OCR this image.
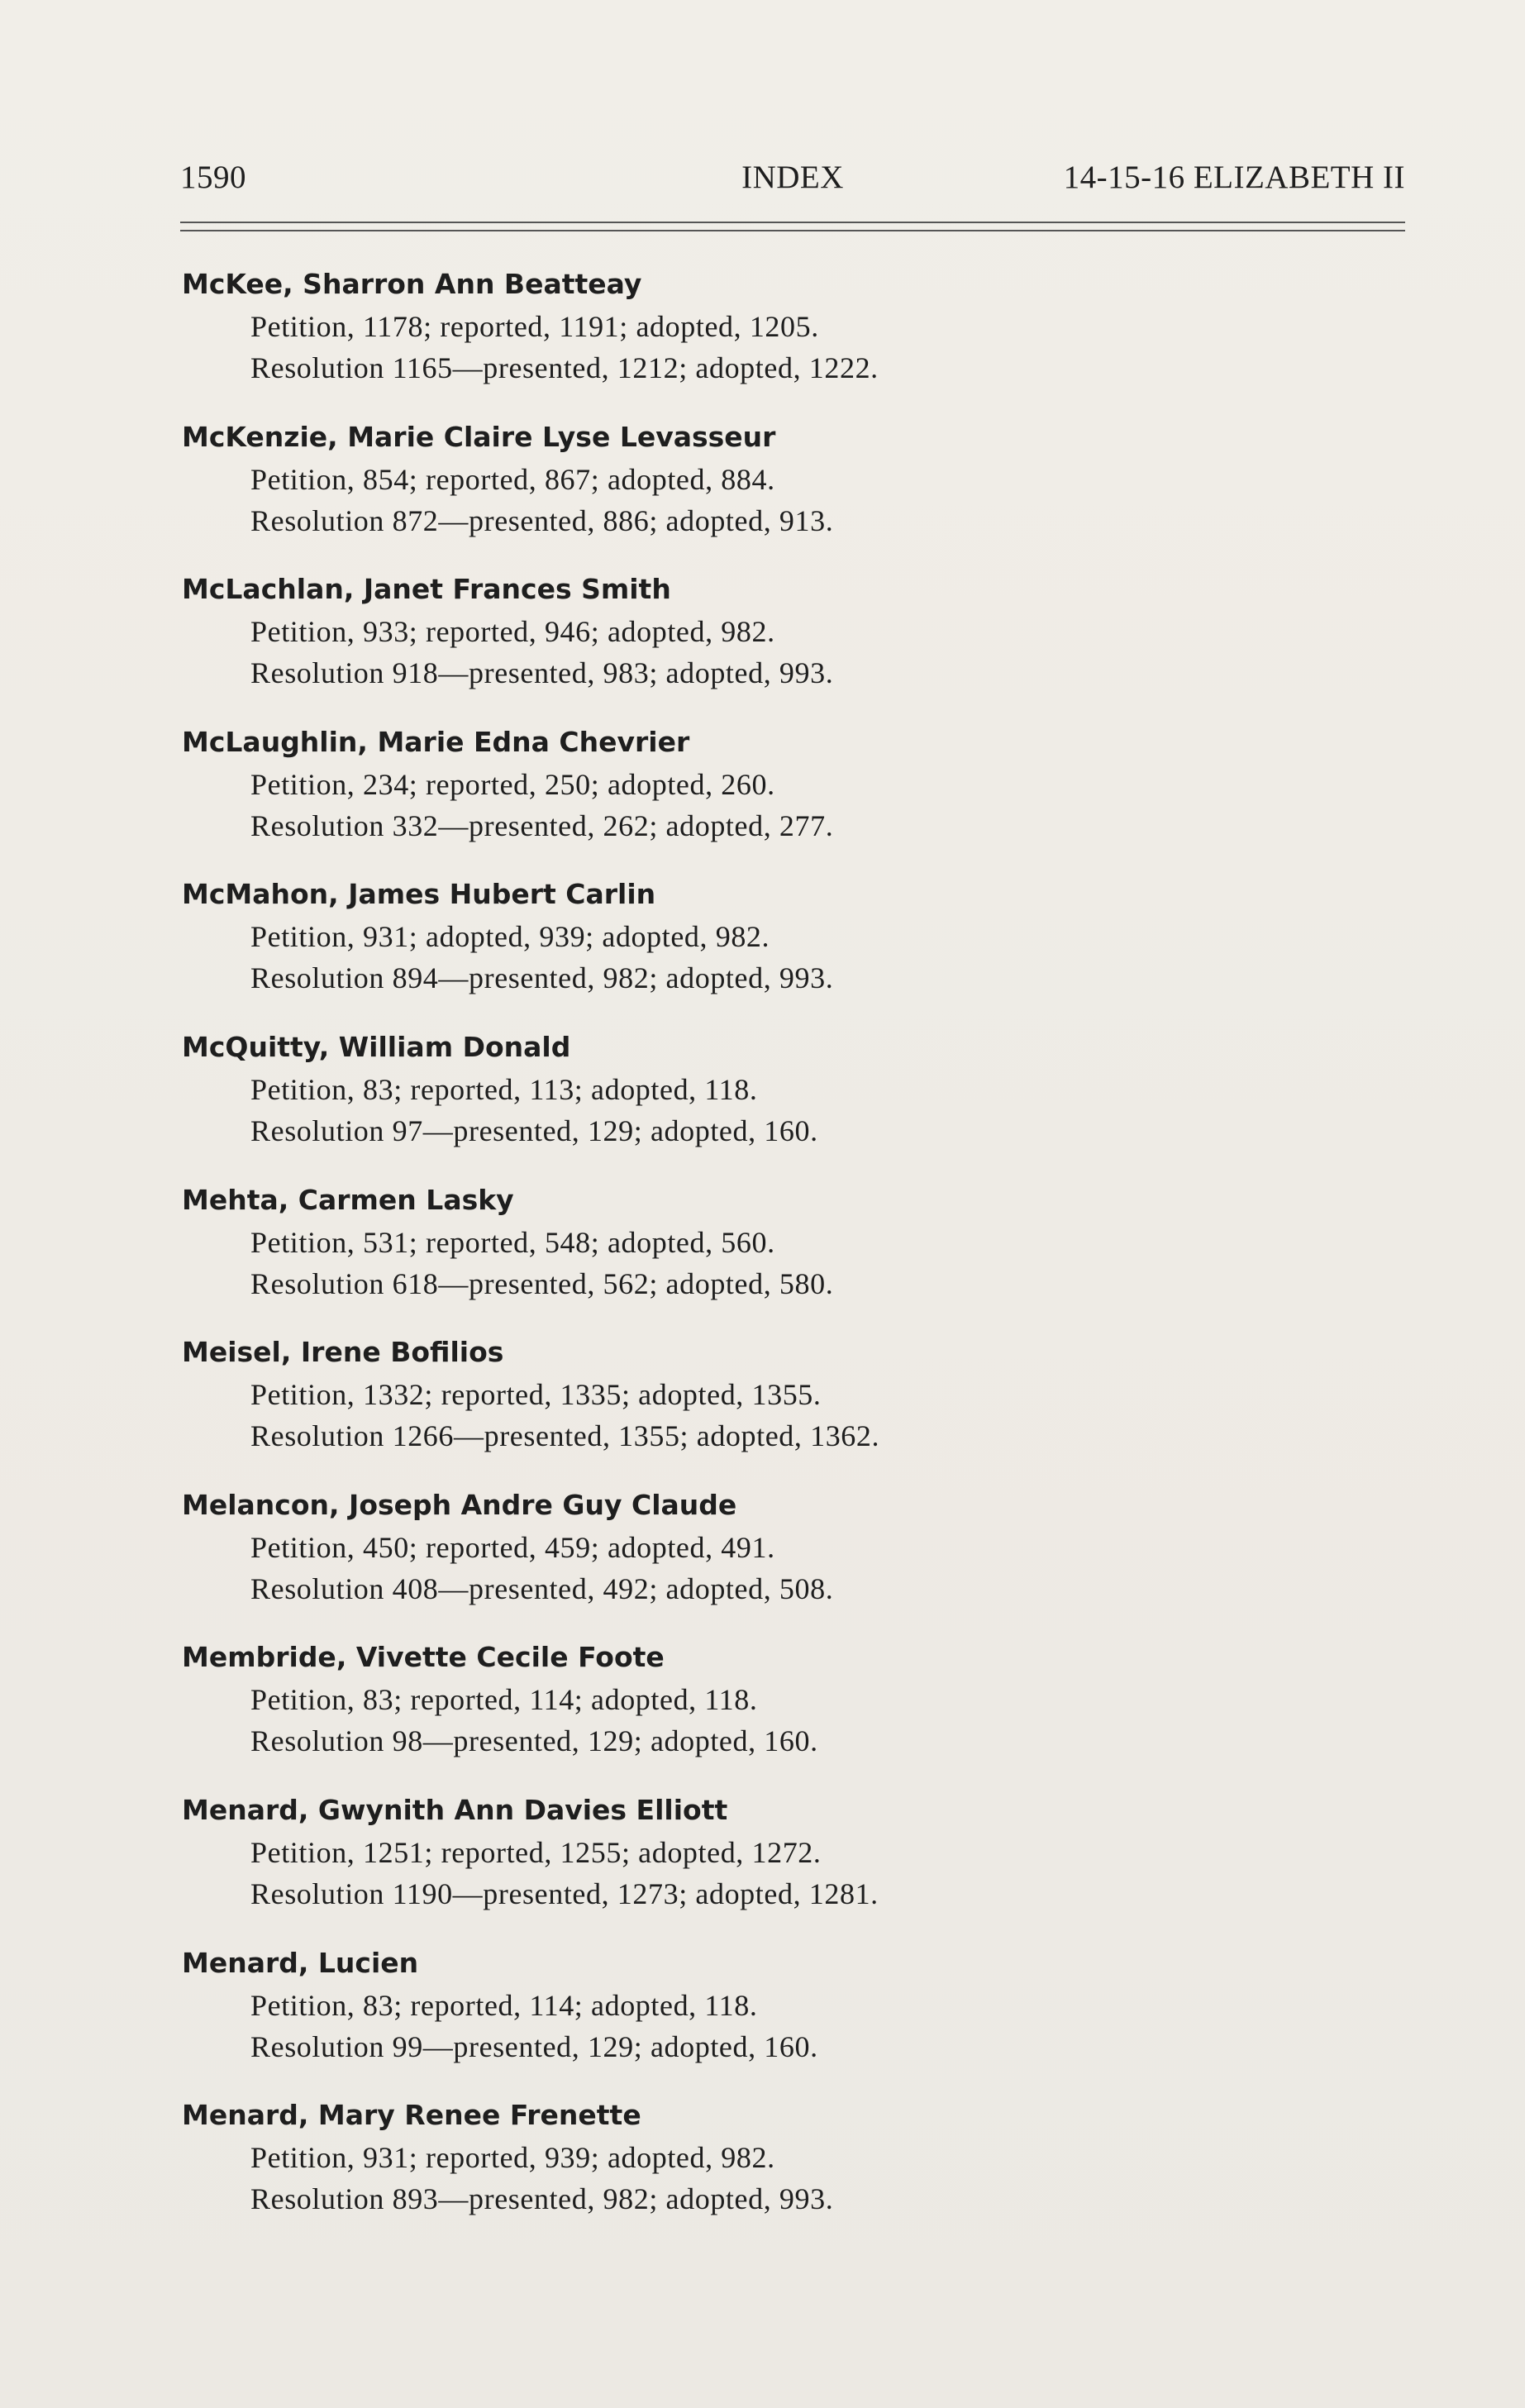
1590	INDEX	14-15-16 ELIZABETH II
McKee, Sharron Ann Beatteay
Petition, 1178; reported, 1191; adopted, 1205.
Resolution 1165—presented, 1212; adopted, 1222.
McKenzie, Marie Claire Lyse Levasseur
Petition, 854; reported, 867; adopted, 884.
Resolution 872—presented, 886; adopted, 913.
McLachlan, Janet Frances Smith
Petition, 933; reported, 946; adopted, 982.
Resolution 918—presented, 983; adopted, 993.
McLaughlin, Marie Edna Chevrier
Petition, 234; reported, 250; adopted, 260.
Resolution 332—presented, 262; adopted, 277.
McMahon, James Hubert Carlin
Petition, 931; adopted, 939; adopted, 982.
Resolution 894—presented, 982; adopted, 993.
McQuitty, William Donald
Petition, 83; reported, 113; adopted, 118.
Resolution 97—presented, 129; adopted, 160.
Mehta, Carmen Lasky
Petition, 531; reported, 548; adopted, 560.
Resolution 618—presented, 562; adopted, 580.
Meisel, Irene Bofilios
Petition, 1332; reported, 1335; adopted, 1355.
Resolution 1266—presented, 1355; adopted, 1362.
Melancon, Joseph Andre Guy Claude
Petition, 450; reported, 459; adopted, 491.
Resolution 408—presented, 492; adopted, 508.
Membride, Vivette Cecile Foote
Petition, 83; reported, 114; adopted, 118.
Resolution 98—presented, 129; adopted, 160.
Menard, Gwynith Ann Davies Elliott
Petition, 1251; reported, 1255; adopted, 1272.
Resolution 1190—presented, 1273; adopted, 1281.
Menard, Lucien
Petition, 83; reported, 114; adopted, 118.
Resolution 99—presented, 129; adopted, 160.
Menard, Mary Renee Frenette
Petition, 931; reported, 939; adopted, 982.
Resolution 893—presented, 982; adopted, 993.
